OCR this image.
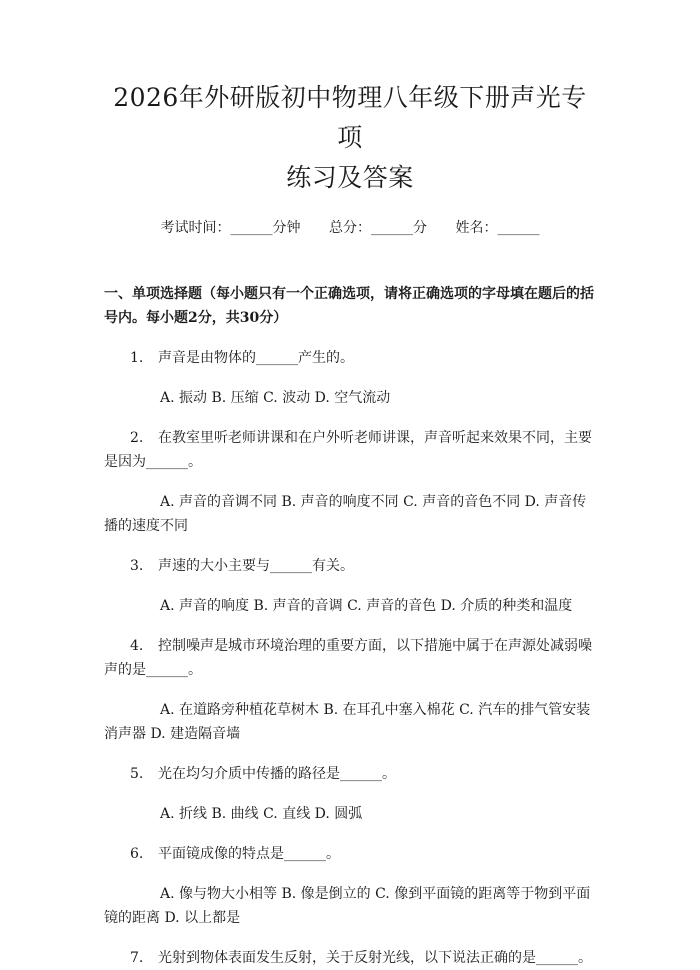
2026年外研版初中物理八年级下册声光专项
练习及答案
考试时间：______分钟 总分：______分 姓名：______
一、单项选择题（每小题只有一个正确选项，请将正确选项的字母填在题后的括
号内。每小题2分，共30分）
1. 声音是由物体的______产生的。
A. 振动 B. 压缩 C. 波动 D. 空气流动
2. 在教室里听老师讲课和在户外听老师讲课，声音听起来效果不同，主要是因为______。
A. 声音的音调不同 B. 声音的响度不同 C. 声音的音色不同 D. 声音传播的速度不同
3. 声速的大小主要与______有关。
A. 声音的响度 B. 声音的音调 C. 声音的音色 D. 介质的种类和温度
4. 控制噪声是城市环境治理的重要方面，以下措施中属于在声源处减弱噪声的是______。
A. 在道路旁种植花草树木 B. 在耳孔中塞入棉花 C. 汽车的排气管安装消声器 D. 建造隔音墙
5. 光在均匀介质中传播的路径是______。
A. 折线 B. 曲线 C. 直线 D. 圆弧
6. 平面镜成像的特点是______。
A. 像与物大小相等 B. 像是倒立的 C. 像到平面镜的距离等于物到平面镜的距离 D. 以上都是
7. 光射到物体表面发生反射，关于反射光线，以下说法正确的是______。
